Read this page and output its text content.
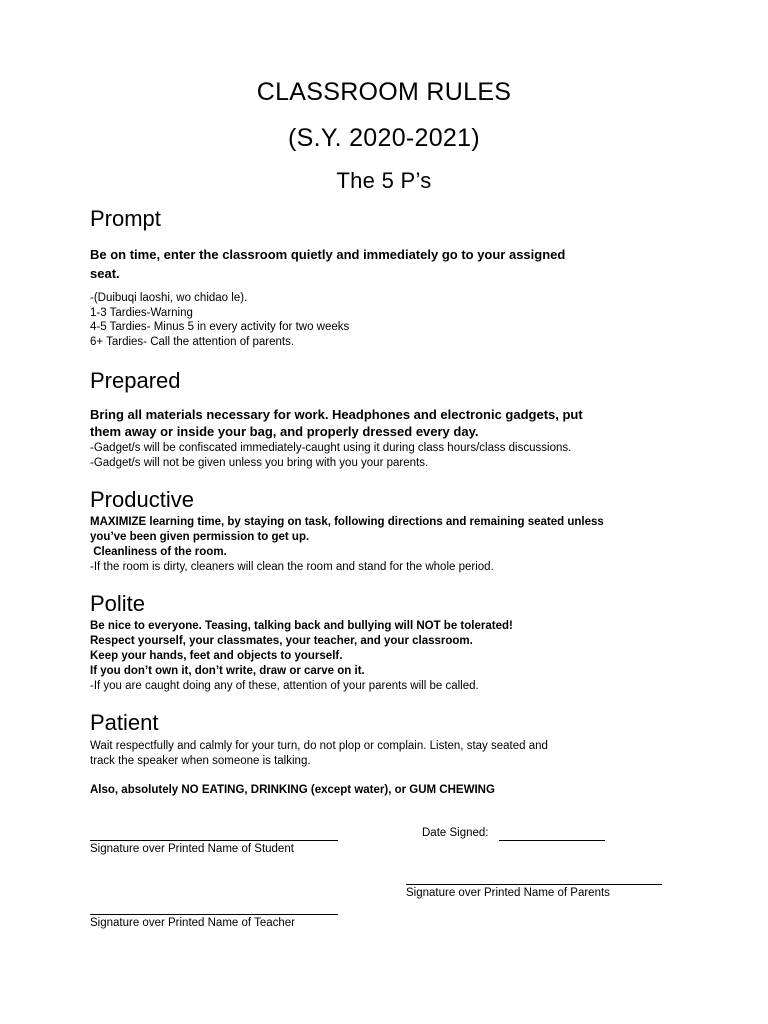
CLASSROOM RULES
(S.Y. 2020-2021)
The 5 P’s
Prompt
Be on time, enter the classroom quietly and immediately go to your assigned
seat.
-(Duibuqi laoshi, wo chidao le).
1-3 Tardies-Warning
4-5 Tardies- Minus 5 in every activity for two weeks
6+ Tardies- Call the attention of parents.
Prepared
Bring all materials necessary for work. Headphones and electronic gadgets, put
them away or inside your bag, and properly dressed every day.
-Gadget/s will be confiscated immediately-caught using it during class hours/class discussions.
-Gadget/s will not be given unless you bring with you your parents.
Productive
MAXIMIZE learning time, by staying on task, following directions and remaining seated unless
you’ve been given permission to get up.
Cleanliness of the room.
-If the room is dirty, cleaners will clean the room and stand for the whole period.
Polite
Be nice to everyone. Teasing, talking back and bullying will NOT be tolerated!
Respect yourself, your classmates, your teacher, and your classroom.
Keep your hands, feet and objects to yourself.
If you don’t own it, don’t write, draw or carve on it.
-If you are caught doing any of these, attention of your parents will be called.
Patient
Wait respectfully and calmly for your turn, do not plop or complain. Listen, stay seated and
track the speaker when someone is talking.
Also, absolutely NO EATING, DRINKING (except water), or GUM CHEWING
Signature over Printed Name of Student
Date Signed:
Signature over Printed Name of Parents
Signature over Printed Name of Teacher
